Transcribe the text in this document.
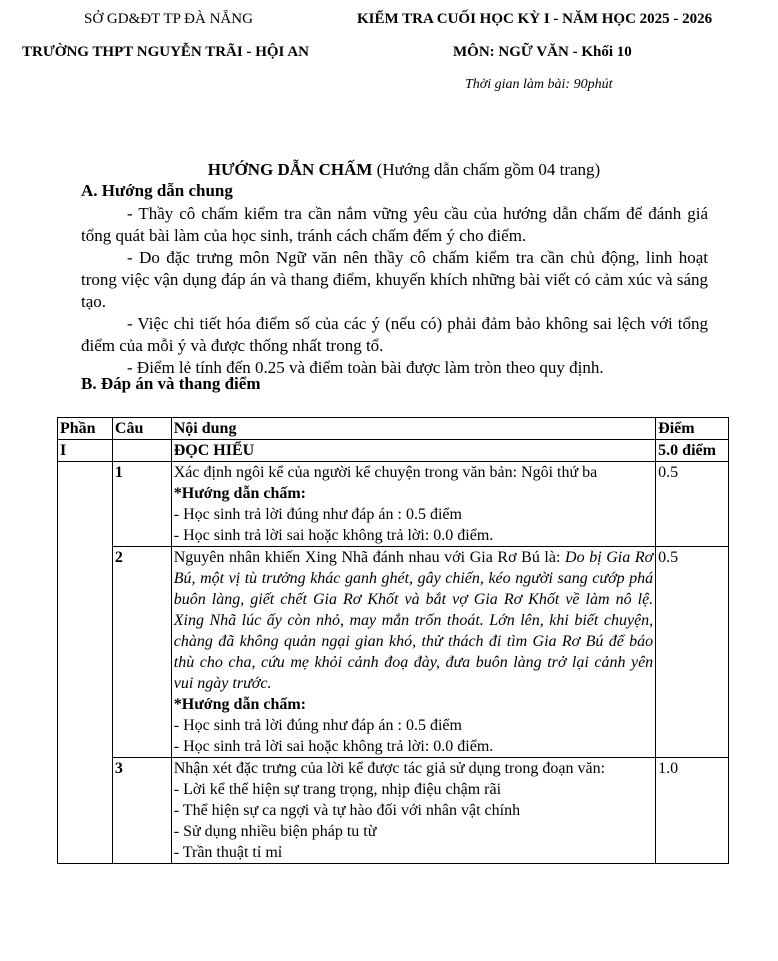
SỞ GD&ĐT TP ĐÀ NẴNG	KIỂM TRA CUỐI HỌC KỲ I - NĂM HỌC 2025 - 2026
TRƯỜNG THPT NGUYỄN TRÃI - HỘI AN	MÔN: NGỮ VĂN - Khối 10
Thời gian làm bài: 90phút
HƯỚNG DẪN CHẤM (Hướng dẫn chấm gồm 04 trang)
A. Hướng dẫn chung

- Thầy cô chấm kiểm tra cần nắm vững yêu cầu của hướng dẫn chấm để đánh giá tổng quát bài làm của học sinh, tránh cách chấm đếm ý cho điểm.

- Do đặc trưng môn Ngữ văn nên thầy cô chấm kiểm tra cần chủ động, linh hoạt trong việc vận dụng đáp án và thang điểm, khuyến khích những bài viết có cảm xúc và sáng tạo.

- Việc chi tiết hóa điểm số của các ý (nếu có) phải đảm bảo không sai lệch với tổng điểm của mỗi ý và được thống nhất trong tổ.

- Điểm lẻ tính đến 0.25 và điểm toàn bài được làm tròn theo quy định.

B. Đáp án và thang điểm
Phần	Câu	Nội dung	Điểm
I		ĐỌC HIỂU	5.0 điểm
	1	Xác định ngôi kể của người kể chuyện trong văn bản: Ngôi thứ ba
*Hướng dẫn chấm:
- Học sinh trả lời đúng như đáp án : 0.5 điểm
- Học sinh trả lời sai hoặc không trả lời: 0.0 điểm.	0.5
	2	Nguyên nhân khiến Xing Nhã đánh nhau với Gia Rơ Bú là: Do bị Gia Rơ Bú, một vị tù trưởng khác ganh ghét, gây chiến, kéo người sang cướp phá buôn làng, giết chết Gia Rơ Khốt và bắt vợ Gia Rơ Khốt về làm nô lệ. Xing Nhã lúc ấy còn nhỏ, may mắn trốn thoát. Lớn lên, khi biết chuyện, chàng đã không quản ngại gian khó, thử thách đi tìm Gia Rơ Bú để báo thù cho cha, cứu mẹ khỏi cảnh đoạ đày, đưa buôn làng trở lại cảnh yên vui ngày trước.
*Hướng dẫn chấm:
- Học sinh trả lời đúng như đáp án : 0.5 điểm
- Học sinh trả lời sai hoặc không trả lời: 0.0 điểm.	0.5
	3	Nhận xét đặc trưng của lời kể được tác giả sử dụng trong đoạn văn:
- Lời kể thể hiện sự trang trọng, nhịp điệu chậm rãi
- Thể hiện sự ca ngợi và tự hào đối với nhân vật chính
- Sử dụng nhiều biện pháp tu từ
- Trần thuật tỉ mỉ	1.0
